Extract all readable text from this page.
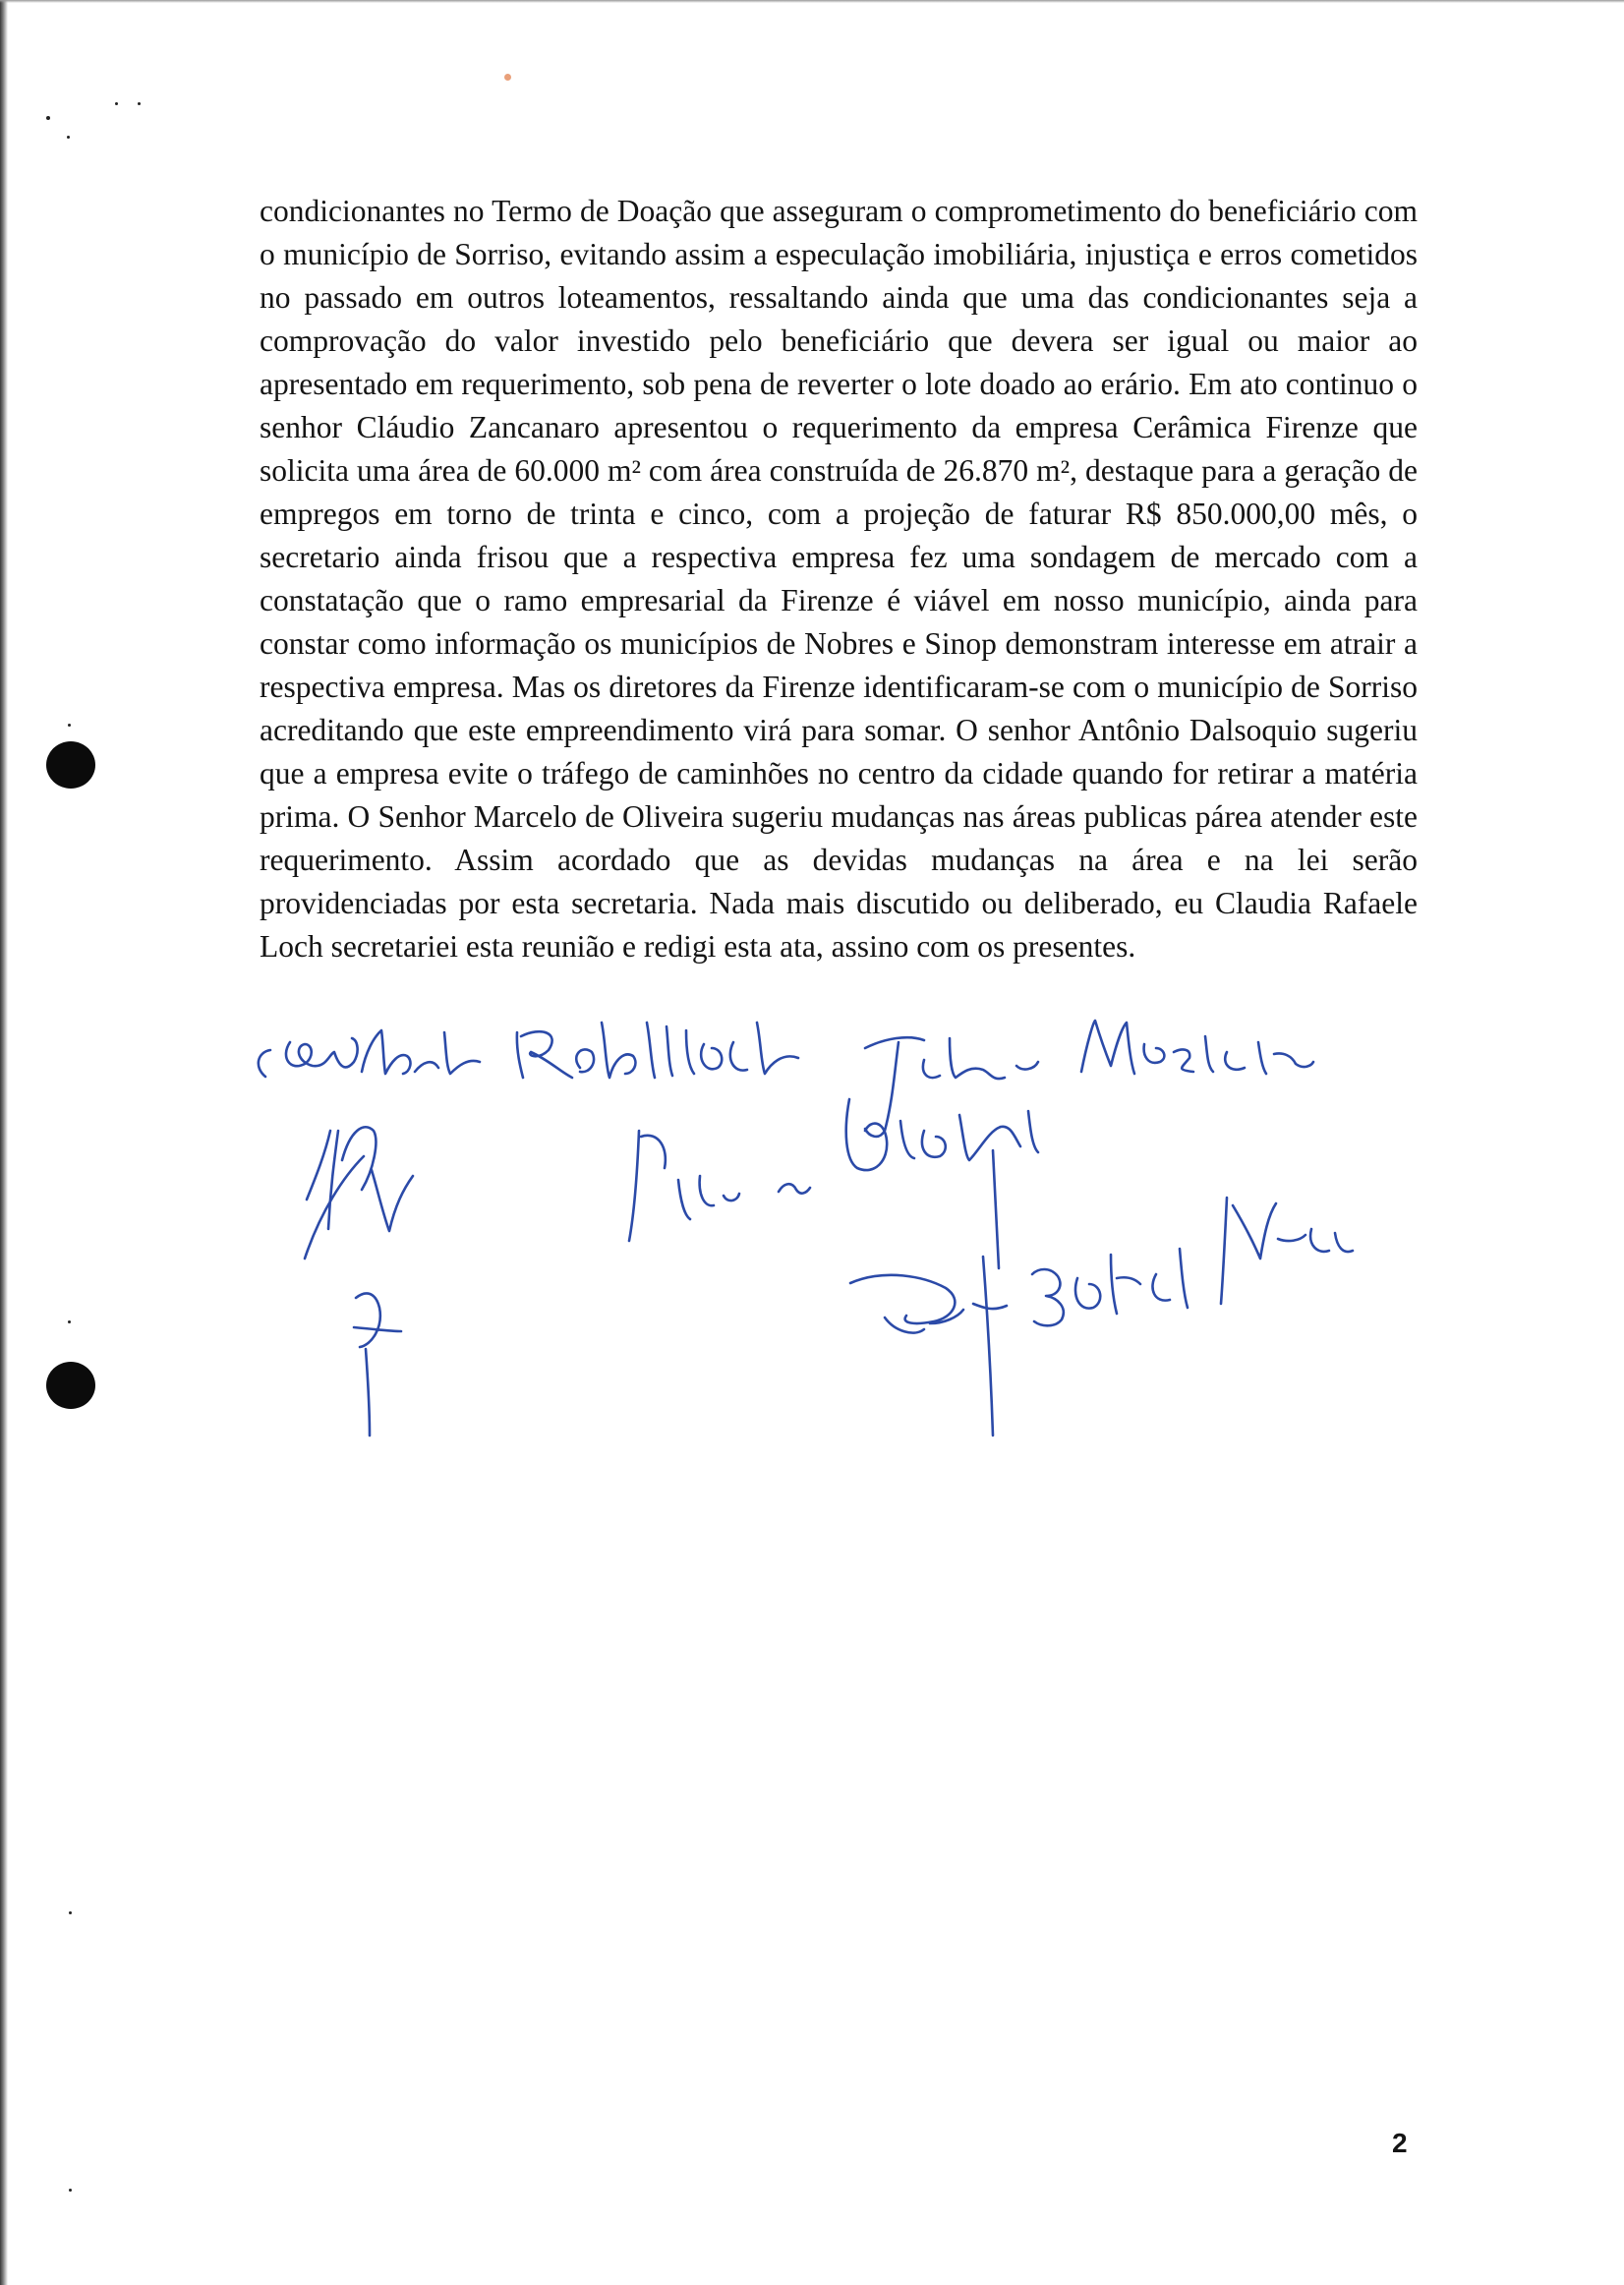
condicionantes no Termo de Doação que asseguram o comprometimento do beneficiário com o município de Sorriso, evitando assim a especulação imobiliária, injustiça e erros cometidos no passado em outros loteamentos, ressaltando ainda que uma das condicionantes seja a comprovação do valor investido pelo beneficiário que devera ser igual ou maior ao apresentado em requerimento, sob pena de reverter o lote doado ao erário. Em ato continuo o senhor Cláudio Zancanaro apresentou o requerimento da empresa Cerâmica Firenze que solicita uma área de 60.000 m² com área construída de 26.870 m², destaque para a geração de empregos em torno de trinta e cinco, com a projeção de faturar R$ 850.000,00 mês, o secretario ainda frisou que a respectiva empresa fez uma sondagem de mercado com a constatação que o ramo empresarial da Firenze é viável em nosso município, ainda para constar como informação os municípios de Nobres e Sinop demonstram interesse em atrair a respectiva empresa. Mas os diretores da Firenze identificaram-se com o município de Sorriso acreditando que este empreendimento virá para somar. O senhor Antônio Dalsoquio sugeriu que a empresa evite o tráfego de caminhões no centro da cidade quando for retirar a matéria prima. O Senhor Marcelo de Oliveira sugeriu mudanças nas áreas publicas párea atender este requerimento. Assim acordado que as devidas mudanças na área e na lei serão providenciadas por esta secretaria. Nada mais discutido ou deliberado, eu Claudia Rafaele Loch secretariei esta reunião e redigi esta ata, assino com os presentes.

2
